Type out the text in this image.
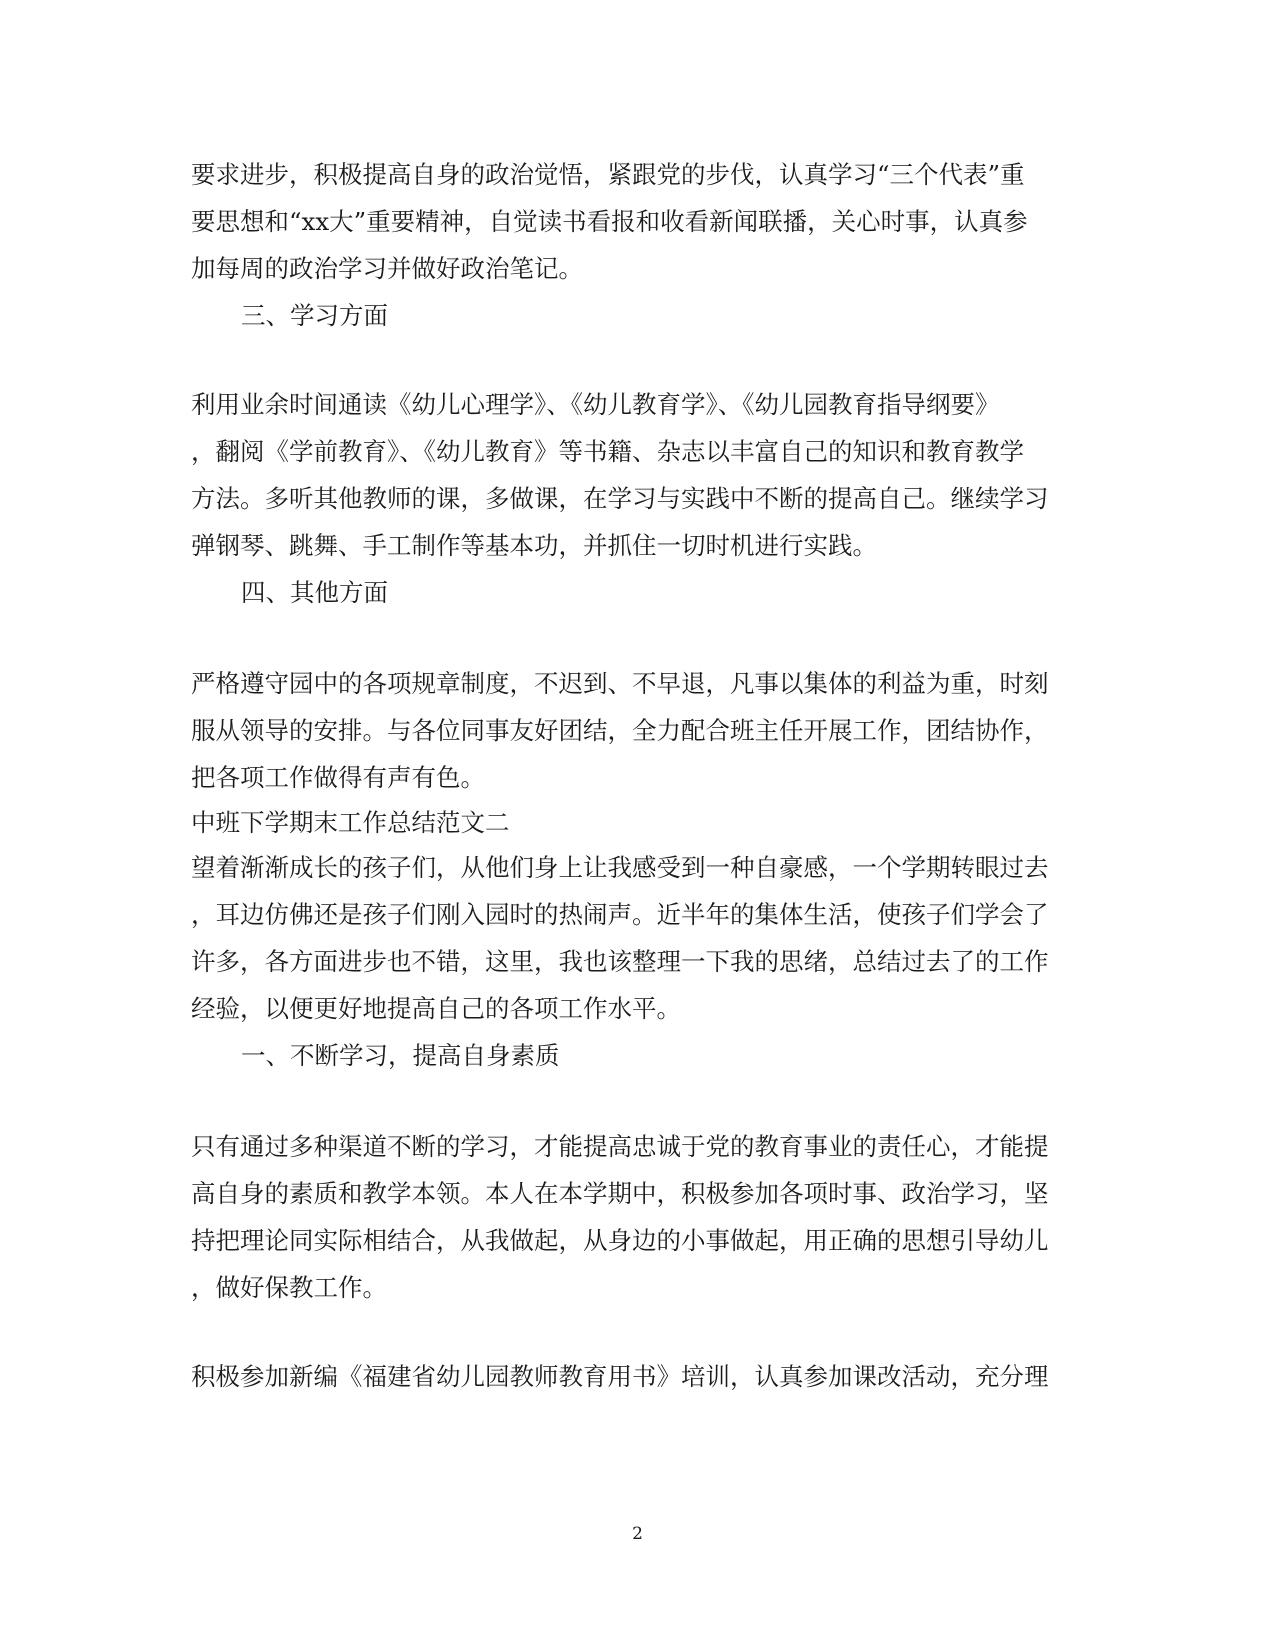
要求进步，积极提高自身的政治觉悟，紧跟党的步伐，认真学习“三个代表”重
要思想和“xx大”重要精神，自觉读书看报和收看新闻联播，关心时事，认真参
加每周的政治学习并做好政治笔记。
三、学习方面
利用业余时间通读《幼儿心理学》、《幼儿教育学》、《幼儿园教育指导纲要》
，翻阅《学前教育》、《幼儿教育》等书籍、杂志以丰富自己的知识和教育教学
方法。多听其他教师的课，多做课，在学习与实践中不断的提高自己。继续学习
弹钢琴、跳舞、手工制作等基本功，并抓住一切时机进行实践。
四、其他方面
严格遵守园中的各项规章制度，不迟到、不早退，凡事以集体的利益为重，时刻
服从领导的安排。与各位同事友好团结，全力配合班主任开展工作，团结协作，
把各项工作做得有声有色。
中班下学期末工作总结范文二
望着渐渐成长的孩子们，从他们身上让我感受到一种自豪感，一个学期转眼过去
，耳边仿佛还是孩子们刚入园时的热闹声。近半年的集体生活，使孩子们学会了
许多，各方面进步也不错，这里，我也该整理一下我的思绪，总结过去了的工作
经验，以便更好地提高自己的各项工作水平。
一、不断学习，提高自身素质
只有通过多种渠道不断的学习，才能提高忠诚于党的教育事业的责任心，才能提
高自身的素质和教学本领。本人在本学期中，积极参加各项时事、政治学习，坚
持把理论同实际相结合，从我做起，从身边的小事做起，用正确的思想引导幼儿
，做好保教工作。
积极参加新编《福建省幼儿园教师教育用书》培训，认真参加课改活动，充分理
2
